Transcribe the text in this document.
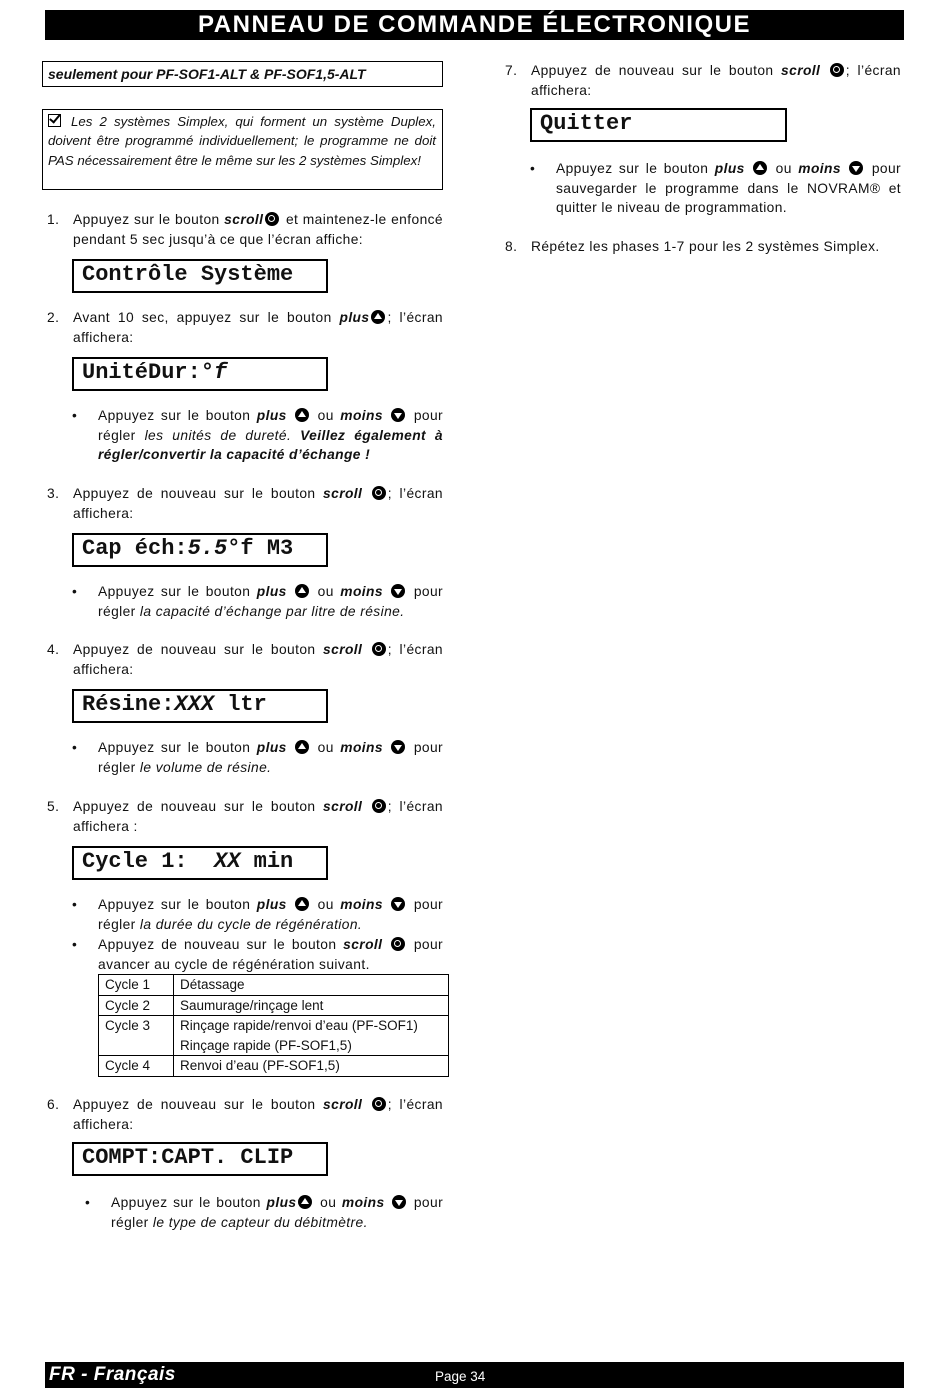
PANNEAU DE COMMANDE ÉLECTRONIQUE
seulement pour PF-SOF1-ALT & PF-SOF1,5-ALT
Les 2 systèmes Simplex, qui forment un système Duplex, doivent être programmé individuellement; le programme ne doit PAS nécessairement être le même sur les 2 systèmes Simplex!
1. Appuyez sur le bouton scroll et maintenez-le enfoncé pendant 5 sec jusqu’à ce que l’écran affiche:
Contrôle Système
2. Avant 10 sec, appuyez sur le bouton plus ; l’écran affichera:
UnitéDur:°f
• Appuyez sur le bouton plus ou moins pour régler les unités de dureté. Veillez également à régler/convertir la capacité d’échange !
3. Appuyez de nouveau sur le bouton scroll ; l’écran affichera:
Cap éch:5.5°f M3
• Appuyez sur le bouton plus ou moins pour régler la capacité d’échange par litre de résine.
4. Appuyez de nouveau sur le bouton scroll ; l’écran affichera:
Résine:XXX ltr
• Appuyez sur le bouton plus ou moins pour régler le volume de résine.
5. Appuyez de nouveau sur le bouton scroll ; l’écran affichera :
Cycle 1:  XX min
• Appuyez sur le bouton plus ou moins pour régler la durée du cycle de régénération.
• Appuyez de nouveau sur le bouton scroll pour avancer au cycle de régénération suivant.
Cycle 1	Détassage
Cycle 2	Saumurage/rinçage lent
Cycle 3	Rinçage rapide/renvoi d’eau (PF-SOF1)
Rinçage rapide (PF-SOF1,5)

Cycle 4	Renvoi d’eau (PF-SOF1,5)
6. Appuyez de nouveau sur le bouton scroll ; l’écran affichera:
COMPT:CAPT. CLIP
• Appuyez sur le bouton plus ou moins pour régler le type de capteur du débitmètre.
7. Appuyez de nouveau sur le bouton scroll ; l’écran affichera:
Quitter
• Appuyez sur le bouton plus ou moins pour sauvegarder le programme dans le NOVRAM® et quitter le niveau de programmation.
8. Répétez les phases 1-7 pour les 2 systèmes Simplex.
FR - Français	Page 34
